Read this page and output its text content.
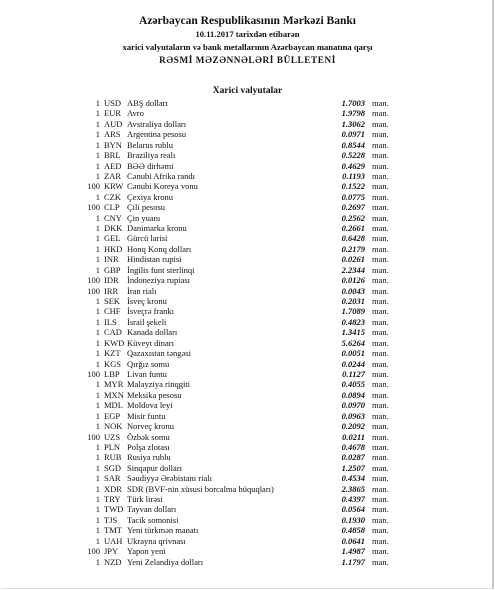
Azərbaycan Respublikasının Mərkəzi Bankı
10.11.2017 tarixdən etibarən
xarici valyutaların və bank metallarının Azərbaycan manatına qarşı
RƏSMİ MƏZƏNNƏLƏRİ BÜLLETENİ
Xarici valyutalar
1 USD ABŞ dolları	1.7003 man.
1 EUR Avro	1.9798 man.
1 AUD Avstraliya dolları	1.3062 man.
1 ARS Argentina pesosu	0.0971 man.
1 BYN Belarus rublu	0.8544 man.
1 BRL Braziliya realı	0.5228 man.
1 AED BƏƏ dirhəmi	0.4629 man.
1 ZAR Cənubi Afrika randı	0.1193 man.
100 KRW Cənubi Koreya vonu	0.1522 man.
1 CZK Çexiya kronu	0.0775 man.
100 CLP Çili pesosu	0.2697 man.
1 CNY Çin yuanı	0.2562 man.
1 DKK Danimarka kronu	0.2661 man.
1 GEL Gürcü larisi	0.6428 man.
1 HKD Honq Konq dolları	0.2179 man.
1 INR Hindistan rupisi	0.0261 man.
1 GBP İngilis funt sterlinqi	2.2344 man.
100 IDR İndoneziya rupiası	0.0126 man.
100 IRR	İran rialı	0.0043 man.
1 SEK İsveç kronu	0.2031 man.
1 CHF İsveçrə frankı	1.7089 man.
1 ILS	İsrail şekeli	0.4823 man.
1 CAD Kanada dolları	1.3415 man.
1 KWD Küveyt dinarı	5.6264 man.
1 KZT Qazaxıstan təngəsi	0.0051 man.
1 KGS Qırğız somu	0.0244 man.
100 LBP Livan funtu	0.1127 man.
1 MYR Malayziya rinqgiti	0.4055 man.
1 MXN Meksika pesosu	0.0894 man.
1 MDL Moldova leyi	0.0970 man.
1 EGP Misir funtu	0.0963 man.
1 NOK Norveç kronu	0.2092 man.
100 UZS Özbək somu	0.0211 man.
1 PLN Polşa zlotası	0.4678 man.
1 RUB Rusiya rublu	0.0287 man.
1 SGD Sinqapur dolları	1.2507 man.
1 SAR Səudiyyə Ərəbistanı rialı	0.4534 man.
1 XDR SDR (BVF-nin xüsusi borcalma hüquqları)	2.3865 man.
1 TRY Türk lirəsi	0.4397 man.
1 TWD Tayvan dolları	0.0564 man.
1 TJS	Tacik somonisi	0.1930 man.
1 TMT Yeni türkmən manatı	0.4858 man.
1 UAH Ukrayna qrivnası	0.0641 man.
100 JPY	Yapon yeni	1.4987 man.
1 NZD Yeni Zelandiya dolları	1.1797 man.
